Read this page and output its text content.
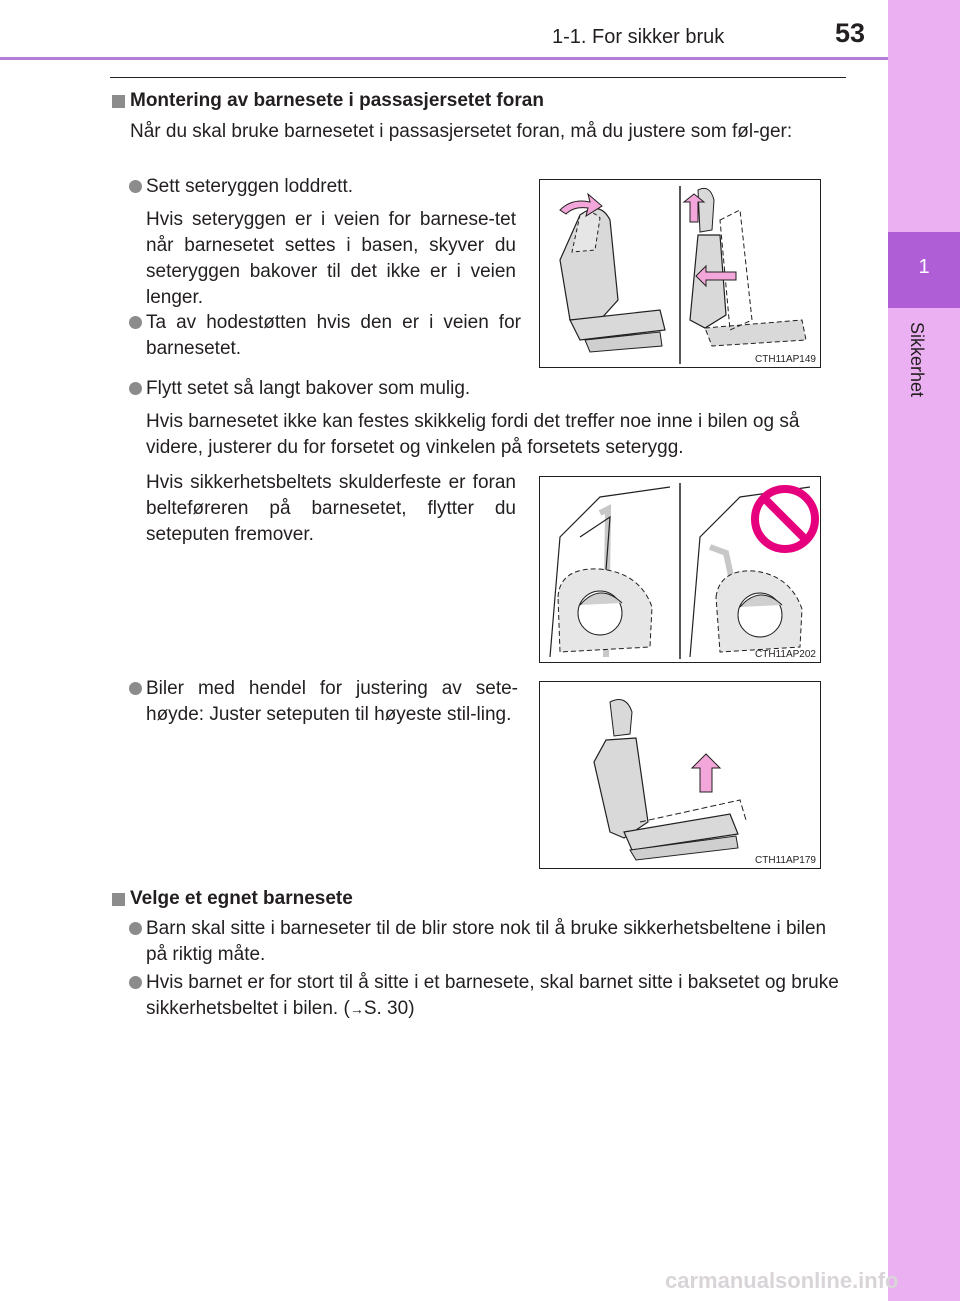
1-1. For sikker bruk	53
1
Sikkerhet
Montering av barnesete i passasjersetet foran
Når du skal bruke barnesetet i passasjersetet foran, må du justere som føl-ger:
Sett seteryggen loddrett.
Hvis seteryggen er i veien for barnese-tet når barnesetet settes i basen, skyver du seteryggen bakover til det ikke er i veien lenger.
Ta av hodestøtten hvis den er i veien for barnesetet.
Flytt setet så langt bakover som mulig.
Hvis barnesetet ikke kan festes skikkelig fordi det treffer noe inne i bilen og så videre, justerer du for forsetet og vinkelen på forsetets seterygg.
Hvis sikkerhetsbeltets skulderfeste er foran belteføreren på barnesetet, flytter du seteputen fremover.
Biler med hendel for justering av sete-høyde: Juster seteputen til høyeste stil-ling.
Velge et egnet barnesete
Barn skal sitte i barneseter til de blir store nok til å bruke sikkerhetsbeltene i bilen på riktig måte.
Hvis barnet er for stort til å sitte i et barnesete, skal barnet sitte i baksetet og bruke sikkerhetsbeltet i bilen. (→S. 30)
CTH11AP149
CTH11AP202
CTH11AP179
carmanualsonline.info
